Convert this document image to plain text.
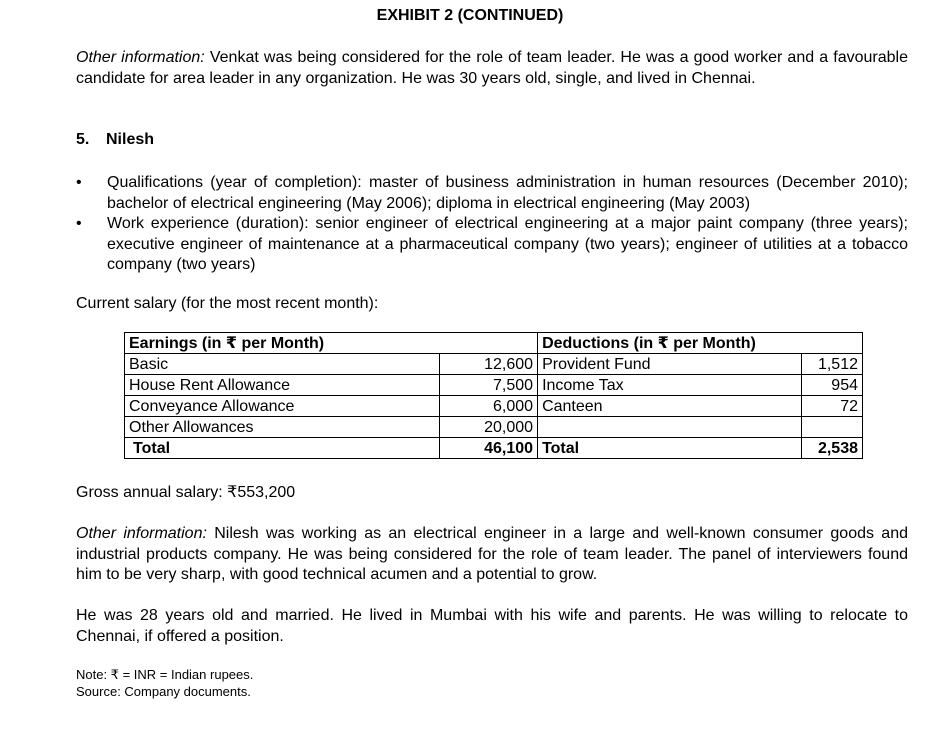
EXHIBIT 2 (CONTINUED)

Other information: Venkat was being considered for the role of team leader. He was a good worker and a favourable candidate for area leader in any organization. He was 30 years old, single, and lived in Chennai.

5. Nilesh
• Qualifications (year of completion): master of business administration in human resources (December 2010); bachelor of electrical engineering (May 2006); diploma in electrical engineering (May 2003)
• Work experience (duration): senior engineer of electrical engineering at a major paint company (three years); executive engineer of maintenance at a pharmaceutical company (two years); engineer of utilities at a tobacco company (two years)
Current salary (for the most recent month):
Earnings (in ₹ per Month)		Deductions (in ₹ per Month)	
Basic	12,600	Provident Fund	1,512
House Rent Allowance	7,500	Income Tax	954
Conveyance Allowance	6,000	Canteen	72
Other Allowances	20,000		
Total	46,100	Total	2,538
Gross annual salary: ₹553,200

Other information: Nilesh was working as an electrical engineer in a large and well-known consumer goods and industrial products company. He was being considered for the role of team leader. The panel of interviewers found him to be very sharp, with good technical acumen and a potential to grow.

He was 28 years old and married. He lived in Mumbai with his wife and parents. He was willing to relocate to Chennai, if offered a position.

Note: ₹ = INR = Indian rupees.
Source: Company documents.
